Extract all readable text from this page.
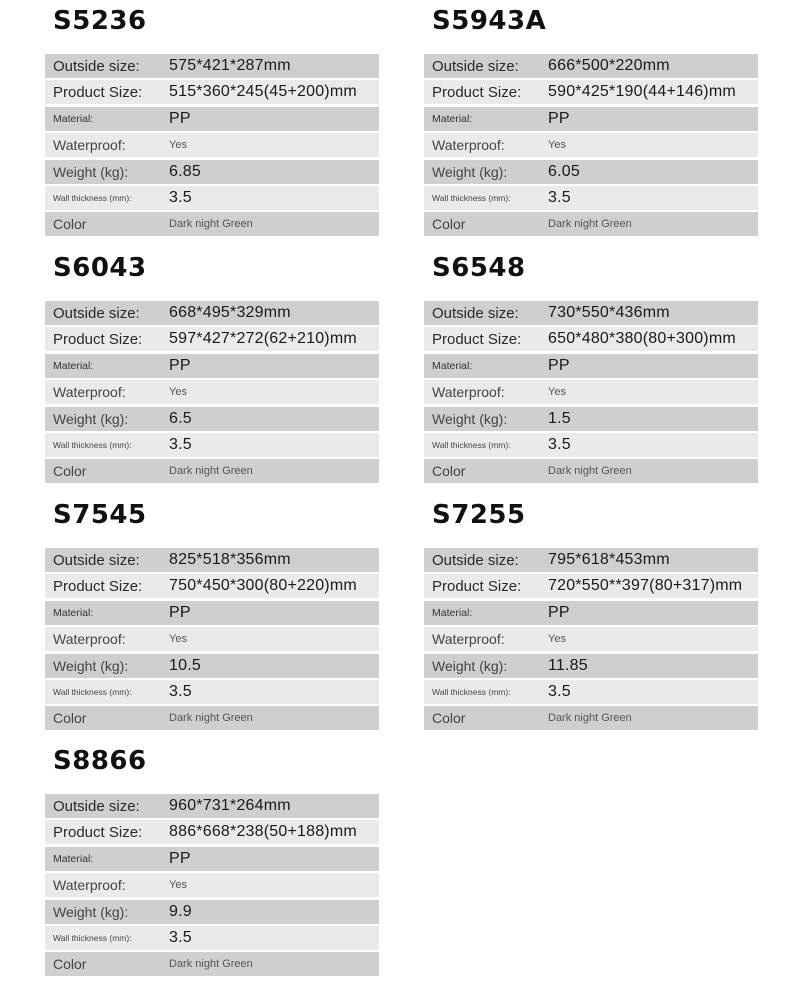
S5236
Outside size:	575*421*287mm
Product Size:	515*360*245(45+200)mm
Material:	PP
Waterproof:	Yes
Weight (kg):	6.85
Wall thickness (mm):	3.5
Color	Dark night Green
S5943A
Outside size:	666*500*220mm
Product Size:	590*425*190(44+146)mm
Material:	PP
Waterproof:	Yes
Weight (kg):	6.05
Wall thickness (mm):	3.5
Color	Dark night Green
S6043
Outside size:	668*495*329mm
Product Size:	597*427*272(62+210)mm
Material:	PP
Waterproof:	Yes
Weight (kg):	6.5
Wall thickness (mm):	3.5
Color	Dark night Green
S6548
Outside size:	730*550*436mm
Product Size:	650*480*380(80+300)mm
Material:	PP
Waterproof:	Yes
Weight (kg):	1.5
Wall thickness (mm):	3.5
Color	Dark night Green
S7545
Outside size:	825*518*356mm
Product Size:	750*450*300(80+220)mm
Material:	PP
Waterproof:	Yes
Weight (kg):	10.5
Wall thickness (mm):	3.5
Color	Dark night Green
S7255
Outside size:	795*618*453mm
Product Size:	720*550**397(80+317)mm
Material:	PP
Waterproof:	Yes
Weight (kg):	11.85
Wall thickness (mm):	3.5
Color	Dark night Green
S8866
Outside size:	960*731*264mm
Product Size:	886*668*238(50+188)mm
Material:	PP
Waterproof:	Yes
Weight (kg):	9.9
Wall thickness (mm):	3.5
Color	Dark night Green
